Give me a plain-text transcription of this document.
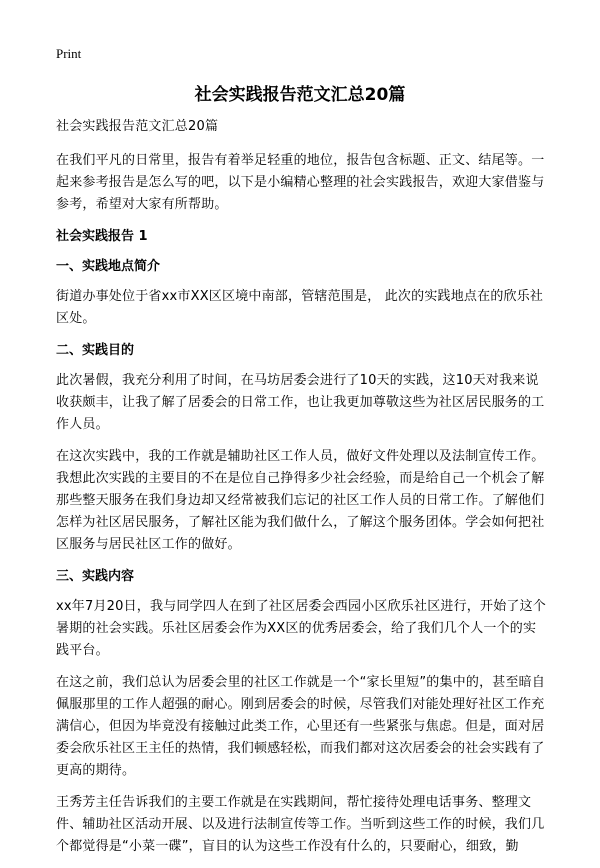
Print
社会实践报告范文汇总20篇

社会实践报告范文汇总20篇

在我们平凡的日常里，报告有着举足轻重的地位，报告包含标题、正文、结尾等。一起来参考报告是怎么写的吧，以下是小编精心整理的社会实践报告，欢迎大家借鉴与参考，希望对大家有所帮助。

社会实践报告 1
一、实践地点简介

街道办事处位于省xx市XX区区境中南部，管辖范围是， 此次的实践地点在的欣乐社区处。

二、实践目的

此次暑假，我充分利用了时间，在马坊居委会进行了10天的实践，这10天对我来说收获颇丰，让我了解了居委会的日常工作，也让我更加尊敬这些为社区居民服务的工作人员。

在这次实践中，我的工作就是辅助社区工作人员，做好文件处理以及法制宣传工作。我想此次实践的主要目的不在是位自己挣得多少社会经验，而是给自己一个机会了解那些整天服务在我们身边却又经常被我们忘记的社区工作人员的日常工作。了解他们怎样为社区居民服务，了解社区能为我们做什么，了解这个服务团体。学会如何把社区服务与居民社区工作的做好。

三、实践内容

xx年7月20日，我与同学四人在到了社区居委会西园小区欣乐社区进行，开始了这个暑期的社会实践。乐社区居委会作为XX区的优秀居委会，给了我们几个人一个的实践平台。

在这之前，我们总认为居委会里的社区工作就是一个“家长里短”的集中的，甚至暗自佩服那里的工作人超强的耐心。刚到居委会的时候，尽管我们对能处理好社区工作充满信心，但因为毕竟没有接触过此类工作，心里还有一些紧张与焦虑。但是，面对居委会欣乐社区王主任的热情，我们顿感轻松，而我们都对这次居委会的社会实践有了更高的期待。

王秀芳主任告诉我们的主要工作就是在实践期间，帮忙接待处理电话事务、整理文件、辅助社区活动开展、以及进行法制宣传等工作。当听到这些工作的时候，我们几个都觉得是“小菜一碟”，盲目的认为这些工作没有什么的，只要耐心，细致，勤
